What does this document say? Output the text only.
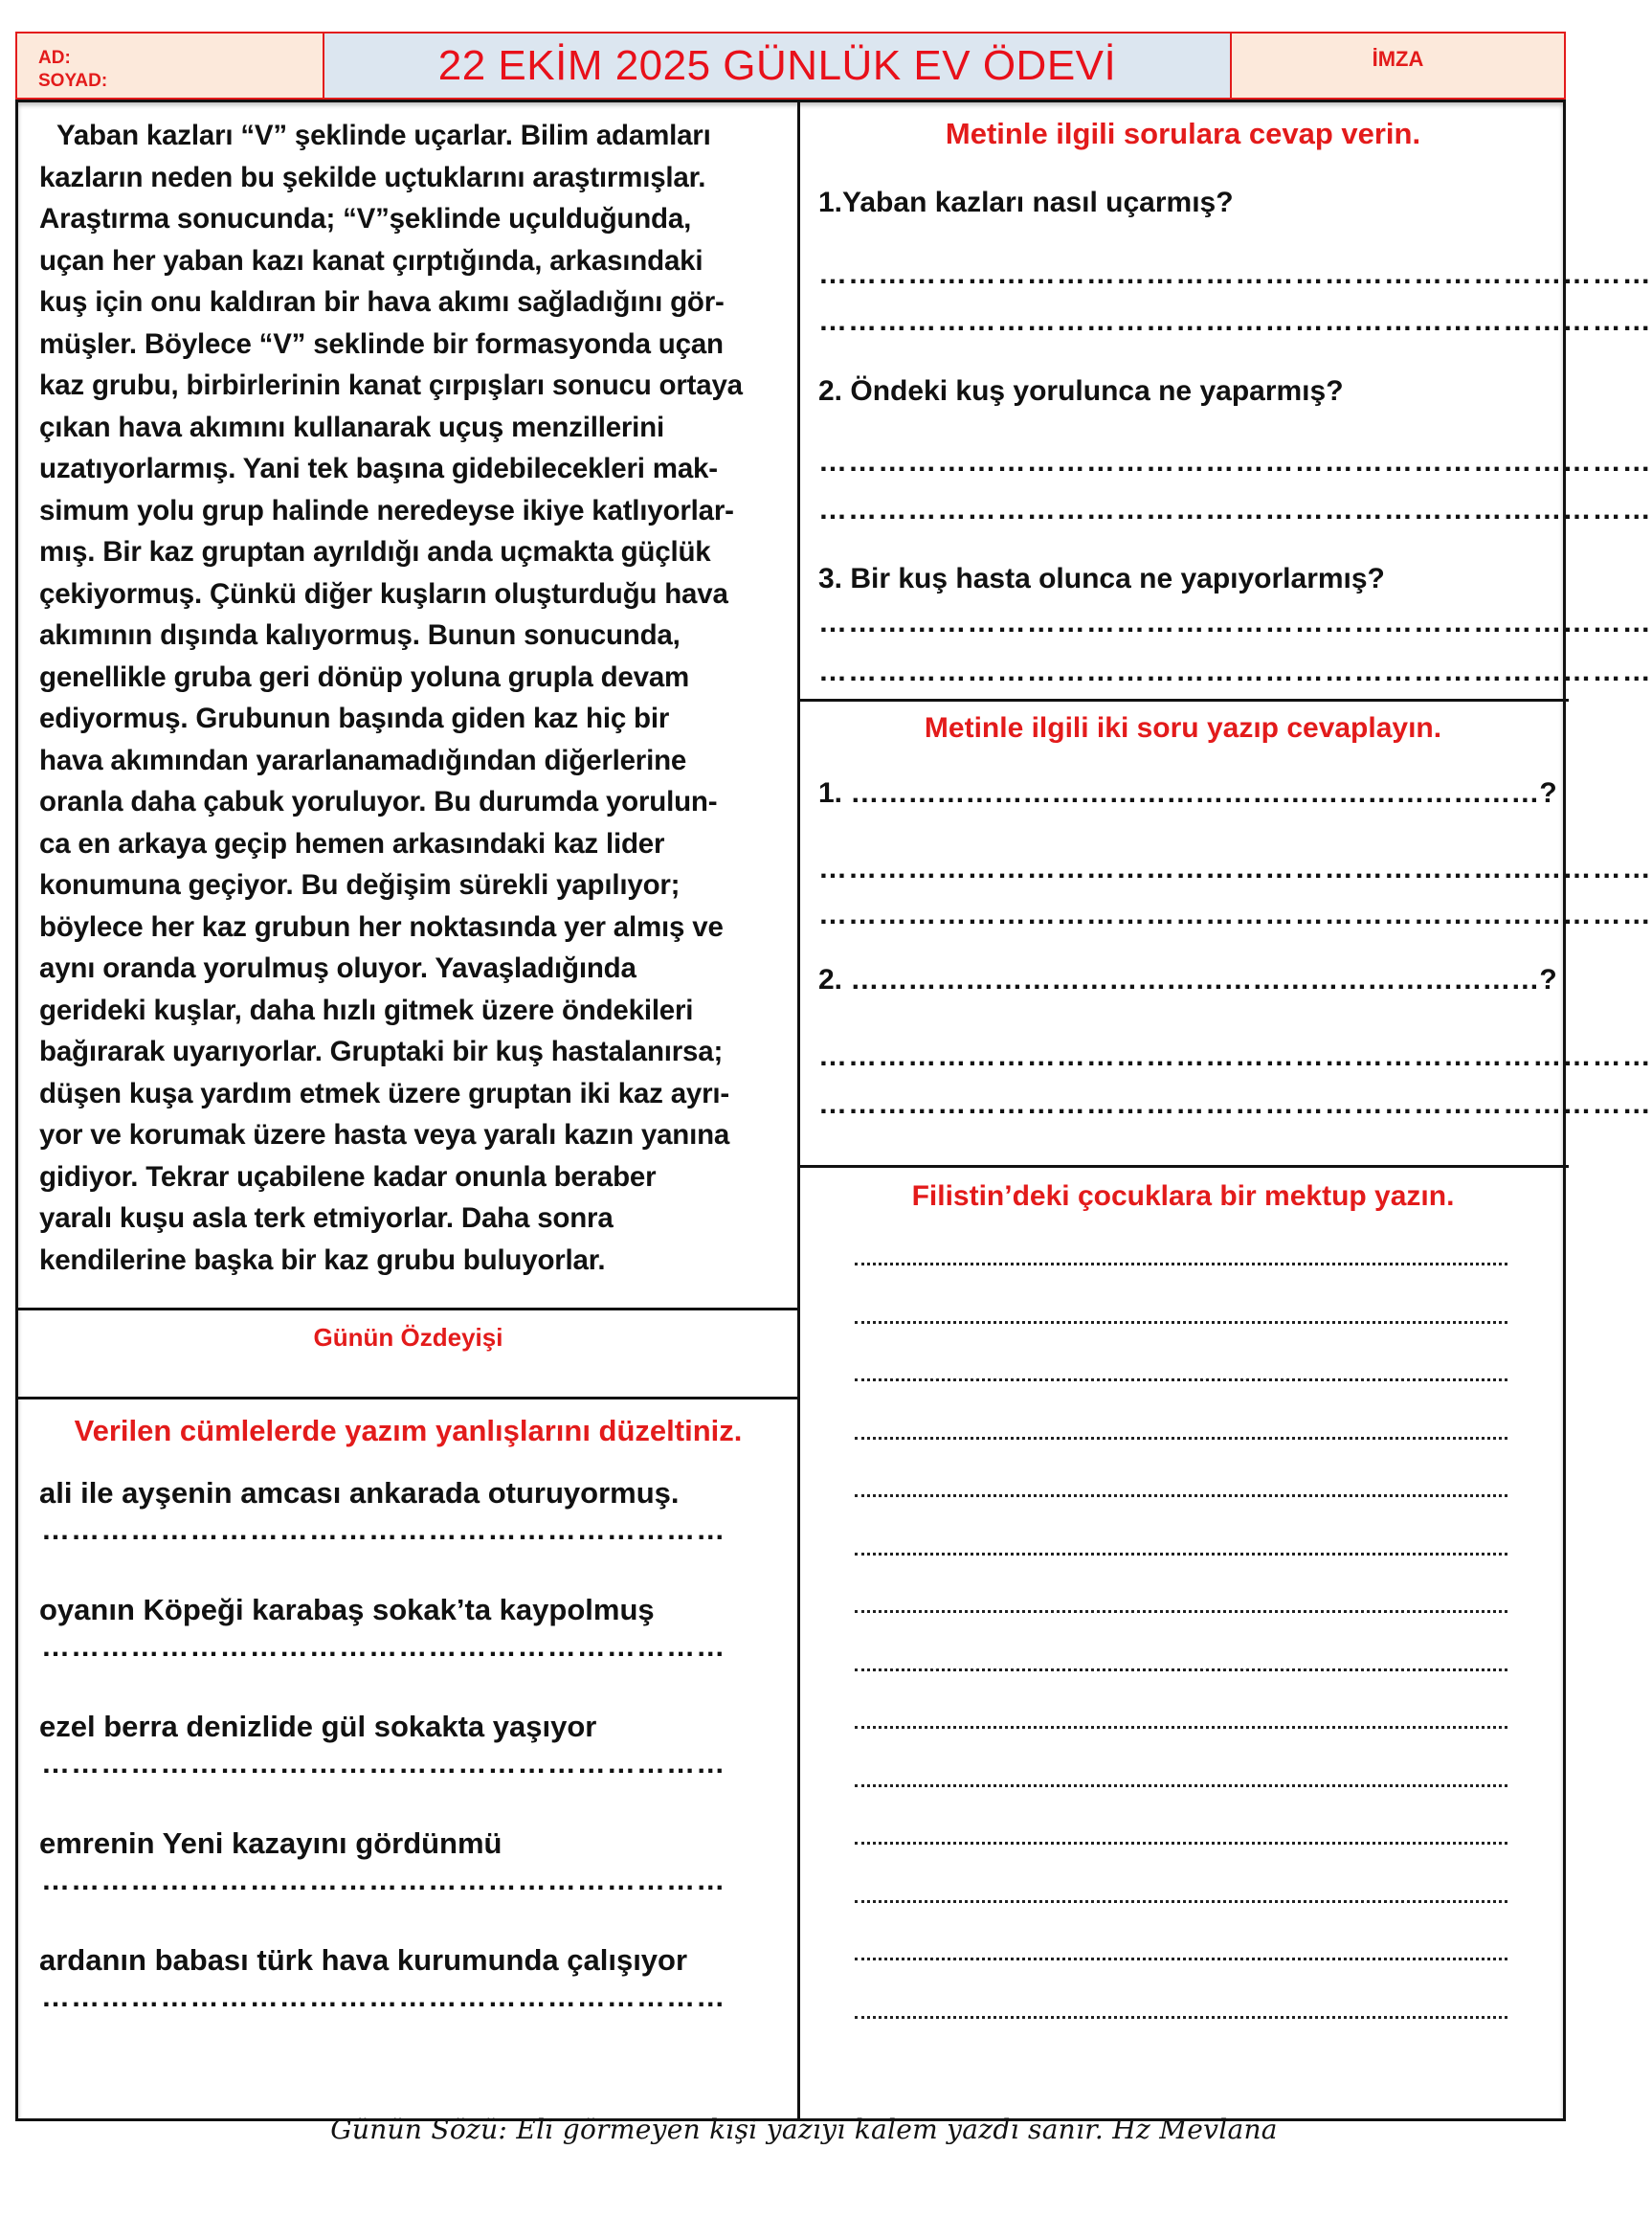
AD:
SOYAD:	22 EKİM 2025 GÜNLÜK EV ÖDEVİ	İMZA
Yaban kazları “V” şeklinde uçarlar. Bilim adamları
kazların neden bu şekilde uçtuklarını araştırmışlar.
Araştırma sonucunda; “V”şeklinde uçulduğunda,
uçan her yaban kazı kanat çırptığında, arkasındaki
kuş için onu kaldıran bir hava akımı sağladığını gör-
müşler. Böylece “V” seklinde bir formasyonda uçan
kaz grubu, birbirlerinin kanat çırpışları sonucu ortaya
çıkan hava akımını kullanarak uçuş menzillerini
uzatıyorlarmış. Yani tek başına gidebilecekleri mak-
simum yolu grup halinde neredeyse ikiye katlıyorlar-
mış. Bir kaz gruptan ayrıldığı anda uçmakta güçlük
çekiyormuş. Çünkü diğer kuşların oluşturduğu hava
akımının dışında kalıyormuş. Bunun sonucunda,
genellikle gruba geri dönüp yoluna grupla devam
ediyormuş. Grubunun başında giden kaz hiç bir
hava akımından yararlanamadığından diğerlerine
oranla daha çabuk yoruluyor. Bu durumda yorulun-
ca en arkaya geçip hemen arkasındaki kaz lider
konumuna geçiyor. Bu değişim sürekli yapılıyor;
böylece her kaz grubun her noktasında yer almış ve
aynı oranda yorulmuş oluyor. Yavaşladığında
gerideki kuşlar, daha hızlı gitmek üzere öndekileri
bağırarak uyarıyorlar. Gruptaki bir kuş hastalanırsa;
düşen kuşa yardım etmek üzere gruptan iki kaz ayrı-
yor ve korumak üzere hasta veya yaralı kazın yanına
gidiyor. Tekrar uçabilene kadar onunla beraber
yaralı kuşu asla terk etmiyorlar. Daha sonra
kendilerine başka bir kaz grubu buluyorlar.
Günün Özdeyişi
Verilen cümlelerde yazım yanlışlarını düzeltiniz.
ali ile ayşenin amcası ankarada oturuyormuş.
……………………………………………………………
oyanın Köpeği karabaş sokak’ta kaypolmuş
……………………………………………………………
ezel berra denizlide gül sokakta yaşıyor
……………………………………………………………
emrenin Yeni kazayını gördünmü
……………………………………………………………
ardanın babası türk hava kurumunda çalışıyor
……………………………………………………………
Metinle ilgili sorulara cevap verin.
1.Yaban kazları nasıl uçarmış?
…………………………………………………………………………
…………………………………………………………………………
2. Öndeki kuş yorulunca ne yaparmış?
…………………………………………………………………………
…………………………………………………………………………
3. Bir kuş hasta olunca ne yapıyorlarmış?
…………………………………………………………………………
…………………………………………………………………………
Metinle ilgili iki soru yazıp cevaplayın.
1. ………………………………………………………………?
…………………………………………………………………………
…………………………………………………………………………
2. ………………………………………………………………?
…………………………………………………………………………
…………………………………………………………………………
Filistin’deki çocuklara bir mektup yazın.
Günün Sözü: Eli görmeyen kişi yazıyı kalem yazdı sanır. Hz Mevlana
